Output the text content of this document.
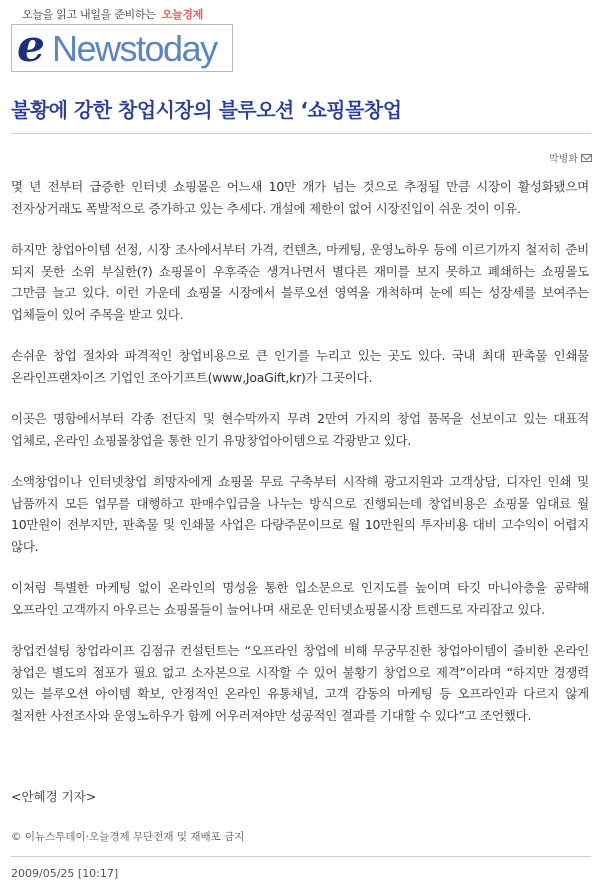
오늘을 읽고 내일을 준비하는 오늘경제
e Newstoday
불황에 강한 창업시장의 블루오션 ‘쇼핑몰창업
박병화

몇 년 전부터 급증한 인터넷 쇼핑몰은 어느새 10만 개가 넘는 것으로 추정될 만큼 시장이 활성화됐으며 전자상거래도 폭발적으로 증가하고 있는 추세다. 개설에 제한이 없어 시장진입이 쉬운 것이 이유.

하지만 창업아이템 선정, 시장 조사에서부터 가격, 컨텐츠, 마케팅, 운영노하우 등에 이르기까지 철저히 준비 되지 못한 소위 부실한(?) 쇼핑몰이 우후죽순 생겨나면서 별다른 재미를 보지 못하고 폐쇄하는 쇼핑몰도 그만큼 늘고 있다. 이런 가운데 쇼핑몰 시장에서 블루오션 영역을 개척하며 눈에 띄는 성장세를 보여주는 업체들이 있어 주목을 받고 있다.

손쉬운 창업 절차와 파격적인 창업비용으로 큰 인기를 누리고 있는 곳도 있다. 국내 최대 판촉물 인쇄물 온라인프랜차이즈 기업인 조아기프트(www,JoaGift,kr)가 그곳이다.

이곳은 명함에서부터 각종 전단지 및 현수막까지 무려 2만여 가지의 창업 품목을 선보이고 있는 대표적 업체로, 온라인 쇼핑몰창업을 통한 인기 유망창업아이템으로 각광받고 있다.

소액창업이나 인터넷창업 희망자에게 쇼핑몰 무료 구축부터 시작해 광고지원과 고객상담, 디자인 인쇄 및 납품까지 모든 업무를 대행하고 판매수입금을 나누는 방식으로 진행되는데 창업비용은 쇼핑몰 임대료 월 10만원이 전부지만, 판촉물 및 인쇄물 사업은 다량주문이므로 월 10만원의 투자비용 대비 고수익이 어렵지 않다.

이처럼 특별한 마케팅 없이 온라인의 명성을 통한 입소문으로 인지도를 높이며 타깃 마니아층을 공략해 오프라인 고객까지 아우르는 쇼핑몰들이 늘어나며 새로운 인터넷쇼핑몰시장 트렌드로 자리잡고 있다.

창업컨설팅 창업라이프 김점규 컨설턴트는 “오프라인 창업에 비해 무궁무진한 창업아이템이 즐비한 온라인 창업은 별도의 점포가 필요 없고 소자본으로 시작할 수 있어 불황기 창업으로 제격”이라며 “하지만 경쟁력 있는 블루오션 아이템 확보, 안정적인 온라인 유통채널, 고객 감동의 마케팅 등 오프라인과 다르지 않게 철저한 사전조사와 운영노하우가 함께 어우러져야만 성공적인 결과를 기대할 수 있다”고 조언했다.

<안혜경 기자>
© 이뉴스투데이·오늘경제 무단전재 및 재배포 금지
2009/05/25 [10:17]
